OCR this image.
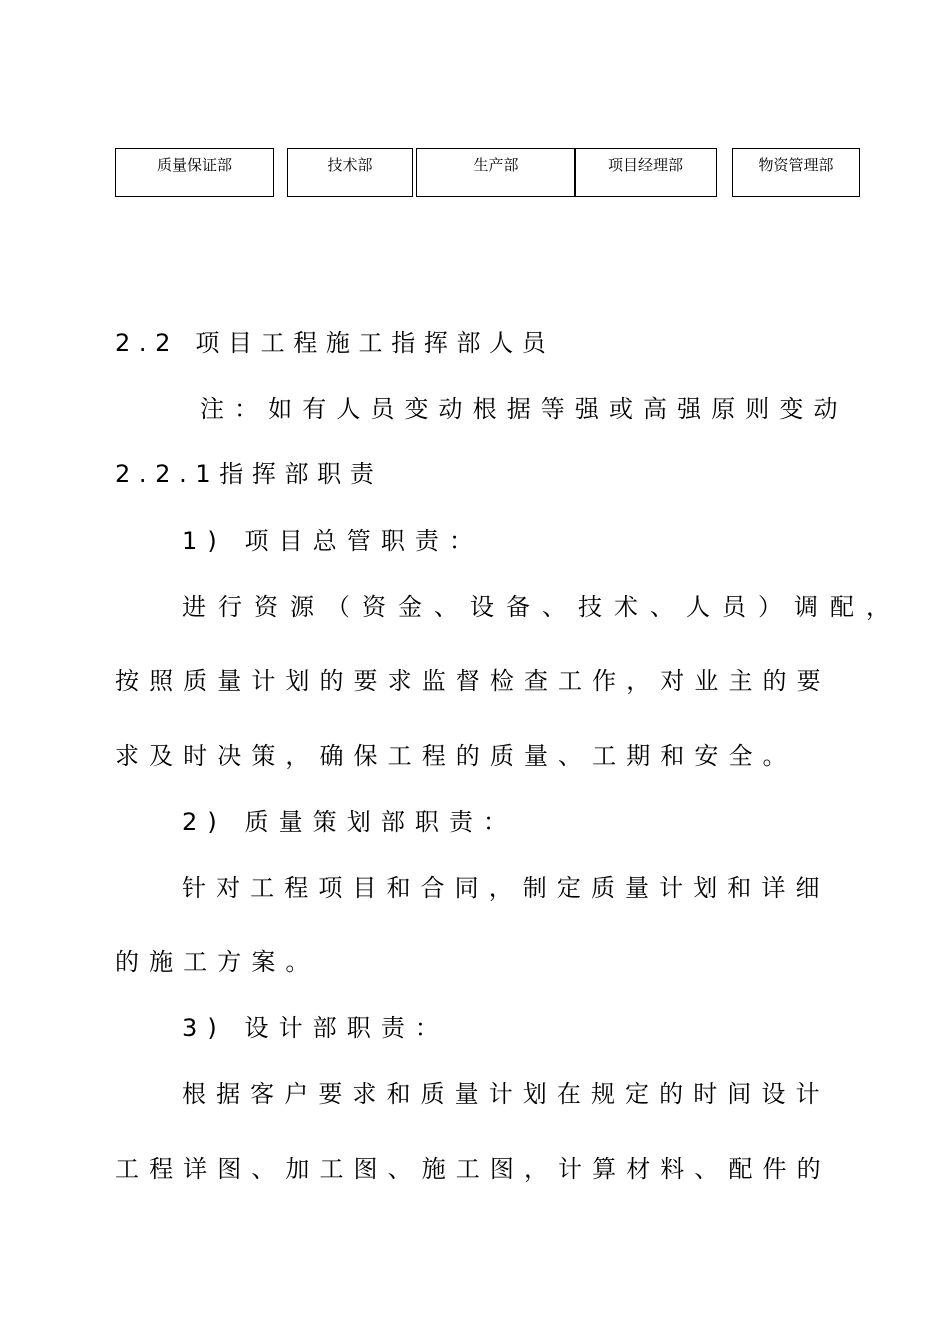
质量保证部	技术部	生产部	项目经理部	物资管理部
2.2 项目工程施工指挥部人员
注：如有人员变动根据等强或高强原则变动
2.2.1指挥部职责
1) 项目总管职责：
进行资源（资金、设备、技术、人员）调配，
按照质量计划的要求监督检查工作，对业主的要
求及时决策，确保工程的质量、工期和安全。
2) 质量策划部职责：
针对工程项目和合同，制定质量计划和详细
的施工方案。
3) 设计部职责：
根据客户要求和质量计划在规定的时间设计
工程详图、加工图、施工图，计算材料、配件的
